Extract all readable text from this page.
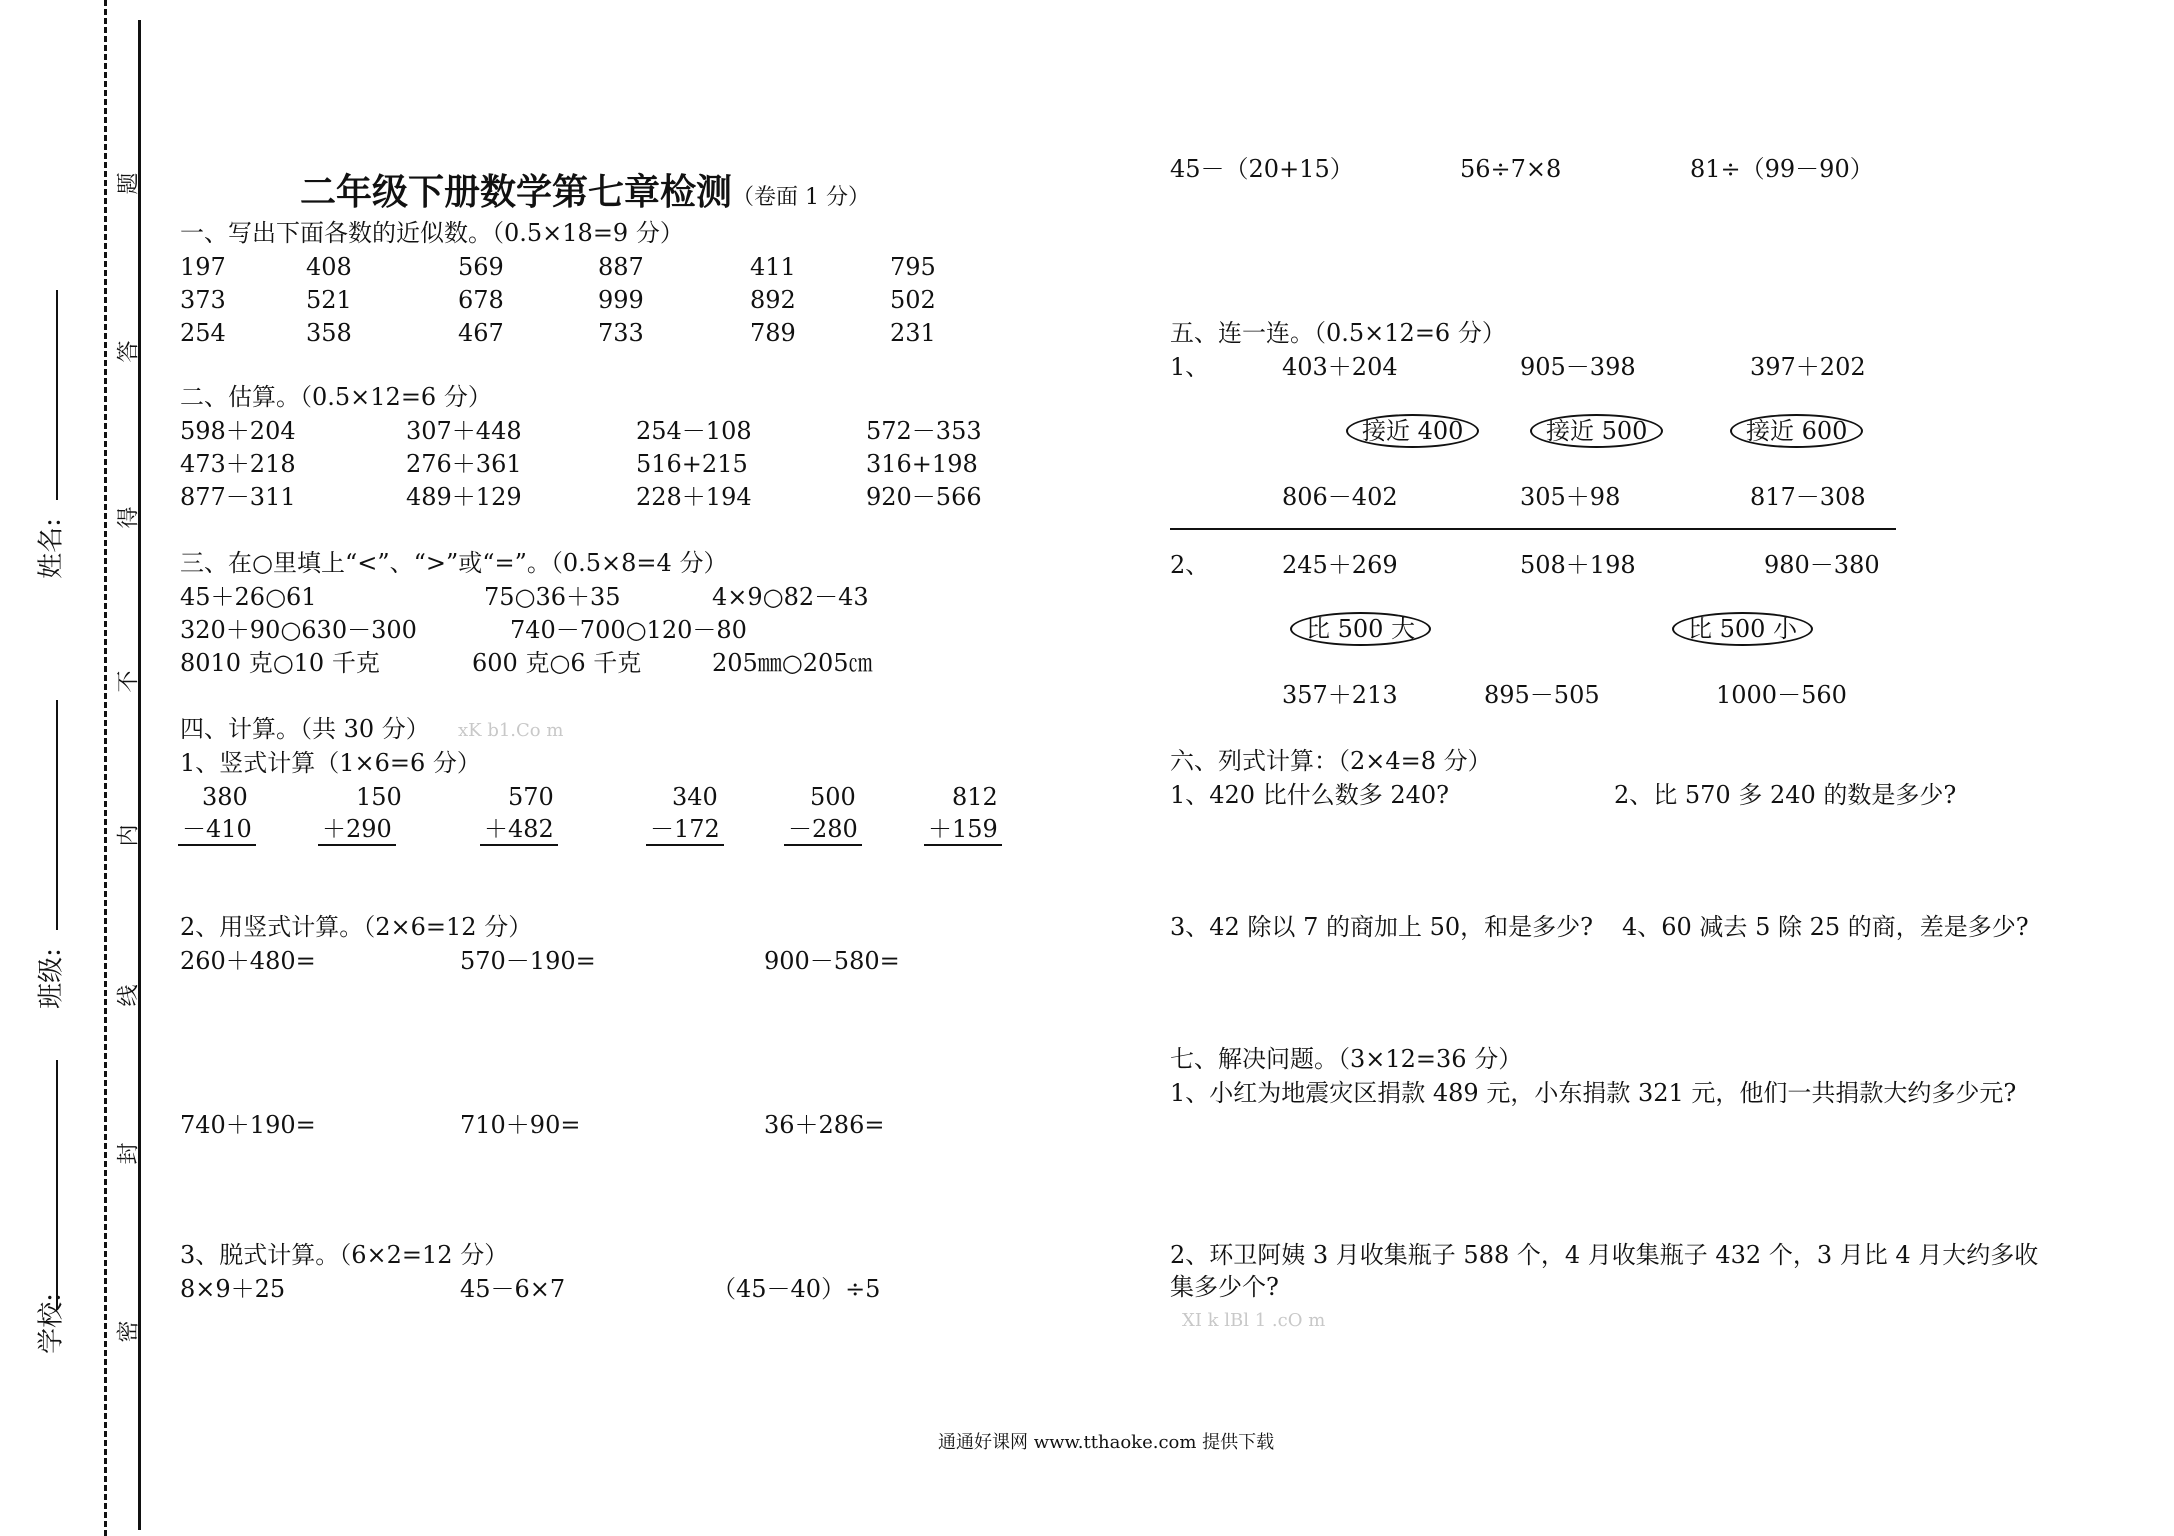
姓名:
班级:
学校:
题
答
得
不
内
线
封
密
二年级下册数学第七章检测（卷面 1 分）
一、写出下面各数的近似数。（0.5×18=9 分）
197	408	569	887	411	795
373	521	678	999	892	502
254	358	467	733	789	231
二、估算。（0.5×12=6 分）
598＋204	307＋448	254－108	572－353
473＋218	276＋361	516+215	316+198
877－311	489＋129	228＋194	920－566
三、在○里填上“<”、“>”或“=”。（0.5×8=4 分）
45＋26○61	75○36＋35	4×9○82－43
320＋90○630－300	740－700○120－80
8010 克○10 千克	600 克○6 千克	205㎜○205㎝
四、计算。（共 30 分） xK b1.Co m
1、竖式计算（1×6=6 分）
380	150	570	340	500	812
－410	＋290	＋482	－172	－280	＋159
2、用竖式计算。（2×6=12 分）
260＋480=	570－190=	900－580=
740＋190=	710＋90=	36＋286=
3、脱式计算。（6×2=12 分）
8×9＋25	45－6×7	（45－40）÷5
45－（20+15）	56÷7×8	81÷（99－90）
五、连一连。（0.5×12=6 分）
1、	403＋204	905－398	397＋202
接近 400	接近 500	接近 600
806－402	305＋98	817－308
2、	245＋269	508＋198	980－380
比 500 大	比 500 小
357＋213	895－505	1000－560
六、列式计算：（2×4=8 分）
1、420 比什么数多 240?	2、比 570 多 240 的数是多少?
3、42 除以 7 的商加上 50，和是多少? 4、60 减去 5 除 25 的商，差是多少?
七、解决问题。（3×12=36 分）
1、小红为地震灾区捐款 489 元，小东捐款 321 元，他们一共捐款大约多少元?
2、环卫阿姨 3 月收集瓶子 588 个，4 月收集瓶子 432 个，3 月比 4 月大约多收
集多少个?
XI k lBl 1 .cO m
通通好课网 www.tthaoke.com 提供下载
